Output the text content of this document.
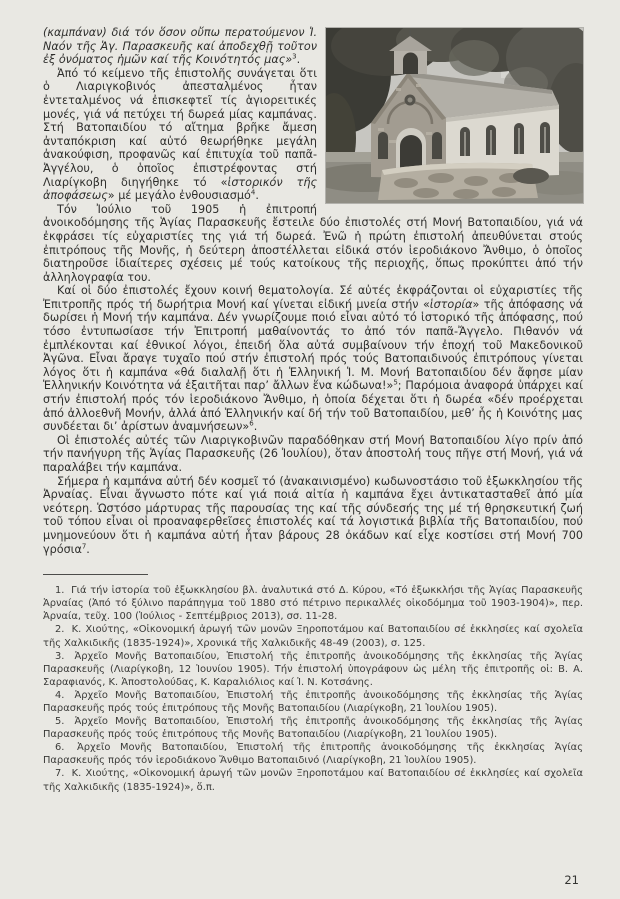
(καμπάναν) διά τόν ὅσον οὔπω περατούμενον Ἱ. Ναόν τῆς Ἁγ. Παρασκευῆς καί ἀποδεχθῇ τοῦτον ἐξ ὀνόματος ἡμῶν καί τῆς Κοινότητός μας»$^3$.

Ἀπό τό κείμενο τῆς ἐπιστολῆς συνάγεται ὅτι ὁ Λιαριγκοβινός ἀπεσταλμένος ἦταν ἐντεταλμένος νά ἐπισκεφτεῖ τίς ἁγιορειτικές μονές, γιά νά πετύχει τή δωρεά μίας καμπάνας. Στή Βατοπαιδίου τό αἴτημα βρῆκε ἄμεση ἀνταπόκριση καί αὐτό θεωρήθηκε μεγάλη ἀνακούφιση, προφανῶς καί ἐπιτυχία τοῦ παπᾶ-Ἀγγέλου, ὁ ὁποῖος ἐπιστρέφοντας στή Λιαρίγκοβη διηγήθηκε τό «ἱστορικόν τῆς ἀποφάσεως» μέ μεγάλο ἐνθουσιασμό$^4$.

Τόν Ἰούλιο τοῦ 1905 ἡ ἐπιτροπή ἀνοικοδόμησης τῆς Ἁγίας Παρασκευῆς ἔστειλε δύο ἐπιστολές στή Μονή Βατοπαιδίου, γιά νά ἐκφράσει τίς εὐχαριστίες της γιά τή δωρεά. Ἐνῶ ἡ πρώτη ἐπιστολή ἀπευθύνεται στούς ἐπιτρόπους τῆς Μονῆς, ἡ δεύτερη ἀποστέλλεται εἰδικά στόν ἱεροδιάκονο Ἄνθιμο, ὁ ὁποῖος διατηροῦσε ἰδιαίτερες σχέσεις μέ τούς κατοίκους τῆς περιοχῆς, ὅπως προκύπτει ἀπό τήν ἀλληλογραφία του.

Καί οἱ δύο ἐπιστολές ἔχουν κοινή θεματολογία. Σέ αὐτές ἐκφράζονται οἱ εὐχαριστίες τῆς Ἐπιτροπῆς πρός τή δωρήτρια Μονή καί γίνεται εἰδική μνεία στήν «ἱστορία» τῆς ἀπόφασης νά δωρίσει ἡ Μονή τήν καμπάνα. Δέν γνωρίζουμε ποιό εἶναι αὐτό τό ἱστορικό τῆς ἀπόφασης, πού τόσο ἐντυπωσίασε τήν Ἐπιτροπή μαθαίνοντάς το ἀπό τόν παπᾶ-Ἄγγελο. Πιθανόν νά ἐμπλέκονται καί ἐθνικοί λόγοι, ἐπειδή ὅλα αὐτά συμβαίνουν τήν ἐποχή τοῦ Μακεδονικοῦ Ἀγῶνα. Εἶναι ἄραγε τυχαῖο πού στήν ἐπιστολή πρός τούς Βατοπαιδινούς ἐπιτρόπους γίνεται λόγος ὅτι ἡ καμπάνα «θά διαλαλῇ ὅτι ἡ Ἑλληνική Ἱ. Μ. Μονή Βατοπαιδίου δέν ἄφησε μίαν Ἑλληνικήν Κοινότητα νά ἐξαιτῆται παρ’ ἄλλων ἕνα κώδωνα!»$^5$; Παρόμοια ἀναφορά ὑπάρχει καί στήν ἐπιστολή πρός τόν ἱεροδιάκονο Ἄνθιμο, ἡ ὁποία δέχεται ὅτι ἡ δωρέα «δέν προέρχεται ἀπό ἀλλοεθνῆ Μονήν, ἀλλά ἀπό Ἑλληνικήν καί δή τήν τοῦ Βατοπαιδίου, μεθ’ ἧς ἡ Κοινότης μας συνδέεται δι’ ἀρίστων ἀναμνήσεων»$^6$.

Οἱ ἐπιστολές αὐτές τῶν Λιαριγκοβινῶν παραδόθηκαν στή Μονή Βατοπαιδίου λίγο πρίν ἀπό τήν πανήγυρη τῆς Ἁγίας Παρασκευῆς (26 Ἰουλίου), ὅταν ἀποστολή τους πῆγε στή Μονή, γιά νά παραλάβει τήν καμπάνα.

Σήμερα ἡ καμπάνα αὐτή δέν κοσμεῖ τό (ἀνακαινισμένο) κωδωνοστάσιο τοῦ ἐξωκκλησίου τῆς Ἀρναίας. Εἶναι ἄγνωστο πότε καί γιά ποιά αἰτία ἡ καμπάνα ἔχει ἀντικατασταθεῖ ἀπό μία νεότερη. Ὡστόσο μάρτυρας τῆς παρουσίας της καί τῆς σύνδεσής της μέ τή θρησκευτική ζωή τοῦ τόπου εἶναι οἱ προαναφερθεῖσες ἐπιστολές καί τά λογιστικά βιβλία τῆς Βατοπαιδίου, πού μνημονεύουν ὅτι ἡ καμπάνα αὐτή ἦταν βάρους 28 ὀκάδων καί εἶχε κοστίσει στή Μονή 700 γρόσια$^7$.

1. Γιά τήν ἱστορία τοῦ ἐξωκκλησίου βλ. ἀναλυτικά στό Δ. Κύρου, «Τό ἐξωκκλήσι τῆς Ἁγίας Παρασκευῆς Ἀρναίας (Ἀπό τό ξύλινο παράπηγμα τοῦ 1880 στό πέτρινο περικαλλές οἰκοδόμημα τοῦ 1903-1904)», περ. Ἀρναία, τεῦχ. 100 (Ἰούλιος - Σεπτέμβριος 2013), σσ. 11-28.

2. Κ. Χιούτης, «Οἰκονομική ἀρωγή τῶν μονῶν Ξηροποτάμου καί Βατοπαιδίου σέ ἐκκλησίες καί σχολεῖα τῆς Χαλκιδικῆς (1835-1924)», Χρονικά τῆς Χαλκιδικῆς 48-49 (2003), σ. 125.

3. Ἀρχεῖο Μονῆς Βατοπαιδίου, Ἐπιστολή τῆς ἐπιτροπῆς ἀνοικοδόμησης τῆς ἐκκλησίας τῆς Ἁγίας Παρασκευῆς (Λιαρίγκοβη, 12 Ἰουνίου 1905). Τήν ἐπιστολή ὑπογράφουν ὡς μέλη τῆς ἐπιτροπῆς οἱ: Β. Α. Σαραφιανός, Κ. Ἀποστολούδας, Κ. Καραλιόλιος καί Ἰ. Ν. Κοτσάνης.

4. Ἀρχεῖο Μονῆς Βατοπαιδίου, Ἐπιστολή τῆς ἐπιτροπῆς ἀνοικοδόμησης τῆς ἐκκλησίας τῆς Ἁγίας Παρασκευῆς πρός τούς ἐπιτρόπους τῆς Μονῆς Βατοπαιδίου (Λιαρίγκοβη, 21 Ἰουλίου 1905).

5. Ἀρχεῖο Μονῆς Βατοπαιδίου, Ἐπιστολή τῆς ἐπιτροπῆς ἀνοικοδόμησης τῆς ἐκκλησίας τῆς Ἁγίας Παρασκευῆς πρός τούς ἐπιτρόπους τῆς Μονῆς Βατοπαιδίου (Λιαρίγκοβη, 21 Ἰουλίου 1905).

6. Ἀρχεῖο Μονῆς Βατοπαιδίου, Ἐπιστολή τῆς ἐπιτροπῆς ἀνοικοδόμησης τῆς ἐκκλησίας Ἁγίας Παρασκευῆς πρός τόν ἱεροδιάκονο Ἄνθιμο Βατοπαιδινό (Λιαρίγκοβη, 21 Ἰουλίου 1905).

7. Κ. Χιούτης, «Οἰκονομική ἀρωγή τῶν μονῶν Ξηροποτάμου καί Βατοπαιδίου σέ ἐκκλησίες καί σχολεῖα τῆς Χαλκιδικῆς (1835-1924)», ὅ.π.

21
